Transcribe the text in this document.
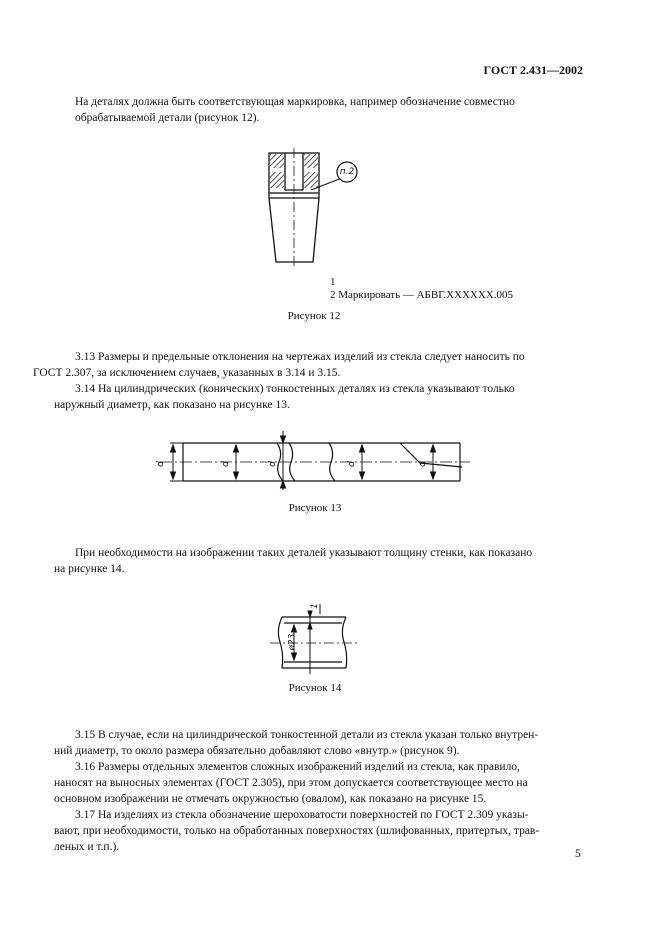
ГОСТ 2.431—2002

На деталях должна быть соответствующая маркировка, например обозначение совместно

обрабатываемой детали (рисунок 12).

п.2
1
2 Маркировать — АБВГ.XXXXXX.005
Рисунок 12

3.13 Размеры и предельные отклонения на чертежах изделий из стекла следует наносить по

ГОСТ 2.307, за исключением случаев, указанных в 3.14 и 3.15.

3.14 На цилиндрических (конических) тонкостенных деталях из стекла указывают только

наружный диаметр, как показано на рисунке 13.

d	d	d	d	d
Рисунок 13

При необходимости на изображении таких деталей указывают толщину стенки, как показано

на рисунке 14.

1
ø23
Рисунок 14

3.15 В случае, если на цилиндрической тонкостенной детали из стекла указан только внутрен-

ний диаметр, то около размера обязательно добавляют слово «внутр.» (рисунок 9).

3.16 Размеры отдельных элементов сложных изображений изделий из стекла, как правило,

наносят на выносных элементах (ГОСТ 2.305), при этом допускается соответствующее место на

основном изображении не отмечать окружностью (овалом), как показано на рисунке 15.

3.17 На изделиях из стекла обозначение шероховатости поверхностей по ГОСТ 2.309 указы-

вают, при необходимости, только на обработанных поверхностях (шлифованных, притертых, трав-

леных и т.п.).

5
